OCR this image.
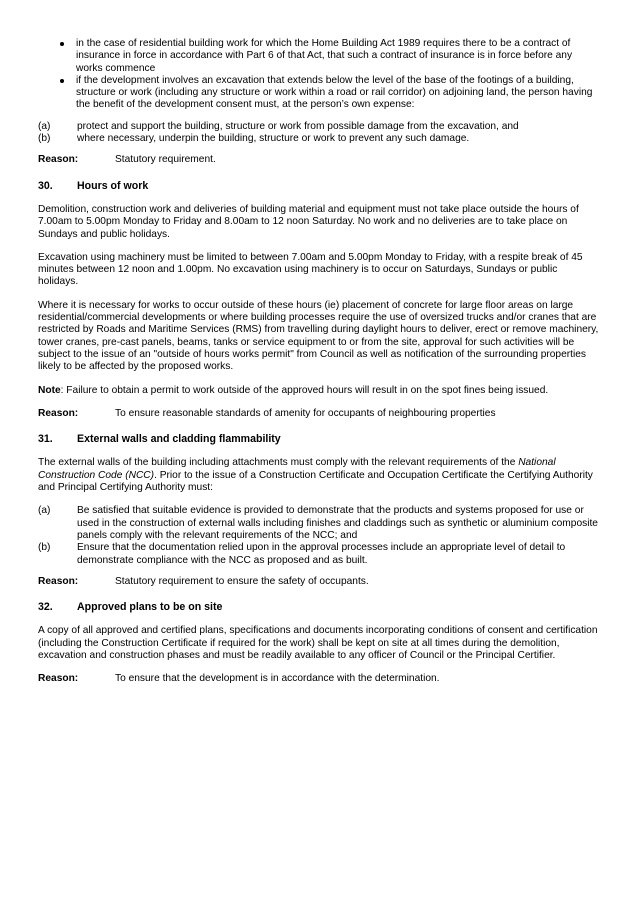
in the case of residential building work for which the Home Building Act 1989 requires there to be a contract of insurance in force in accordance with Part 6 of that Act, that such a contract of insurance is in force before any works commence
if the development involves an excavation that extends below the level of the base of the footings of a building, structure or work (including any structure or work within a road or rail corridor) on adjoining land, the person having the benefit of the development consent must, at the person’s own expense:
(a)	protect and support the building, structure or work from possible damage from the excavation, and
(b)	where necessary, underpin the building, structure or work to prevent any such damage.
Reason:	Statutory requirement.
30.	Hours of work

Demolition, construction work and deliveries of building material and equipment must not take place outside the hours of 7.00am to 5.00pm Monday to Friday and 8.00am to 12 noon Saturday. No work and no deliveries are to take place on Sundays and public holidays.

Excavation using machinery must be limited to between 7.00am and 5.00pm Monday to Friday, with a respite break of 45 minutes between 12 noon and 1.00pm. No excavation using machinery is to occur on Saturdays, Sundays or public holidays.

Where it is necessary for works to occur outside of these hours (ie) placement of concrete for large floor areas on large residential/commercial developments or where building processes require the use of oversized trucks and/or cranes that are restricted by Roads and Maritime Services (RMS) from travelling during daylight hours to deliver, erect or remove machinery, tower cranes, pre-cast panels, beams, tanks or service equipment to or from the site, approval for such activities will be subject to the issue of an "outside of hours works permit" from Council as well as notification of the surrounding properties likely to be affected by the proposed works.

Note: Failure to obtain a permit to work outside of the approved hours will result in on the spot fines being issued.

Reason:	To ensure reasonable standards of amenity for occupants of neighbouring properties
31.	External walls and cladding flammability

The external walls of the building including attachments must comply with the relevant requirements of the National Construction Code (NCC). Prior to the issue of a Construction Certificate and Occupation Certificate the Certifying Authority and Principal Certifying Authority must:

(a)	Be satisfied that suitable evidence is provided to demonstrate that the products and systems proposed for use or used in the construction of external walls including finishes and claddings such as synthetic or aluminium composite panels comply with the relevant requirements of the NCC; and
(b)	Ensure that the documentation relied upon in the approval processes include an appropriate level of detail to demonstrate compliance with the NCC as proposed and as built.
Reason:	Statutory requirement to ensure the safety of occupants.
32.	Approved plans to be on site

A copy of all approved and certified plans, specifications and documents incorporating conditions of consent and certification (including the Construction Certificate if required for the work) shall be kept on site at all times during the demolition, excavation and construction phases and must be readily available to any officer of Council or the Principal Certifier.

Reason:	To ensure that the development is in accordance with the determination.
